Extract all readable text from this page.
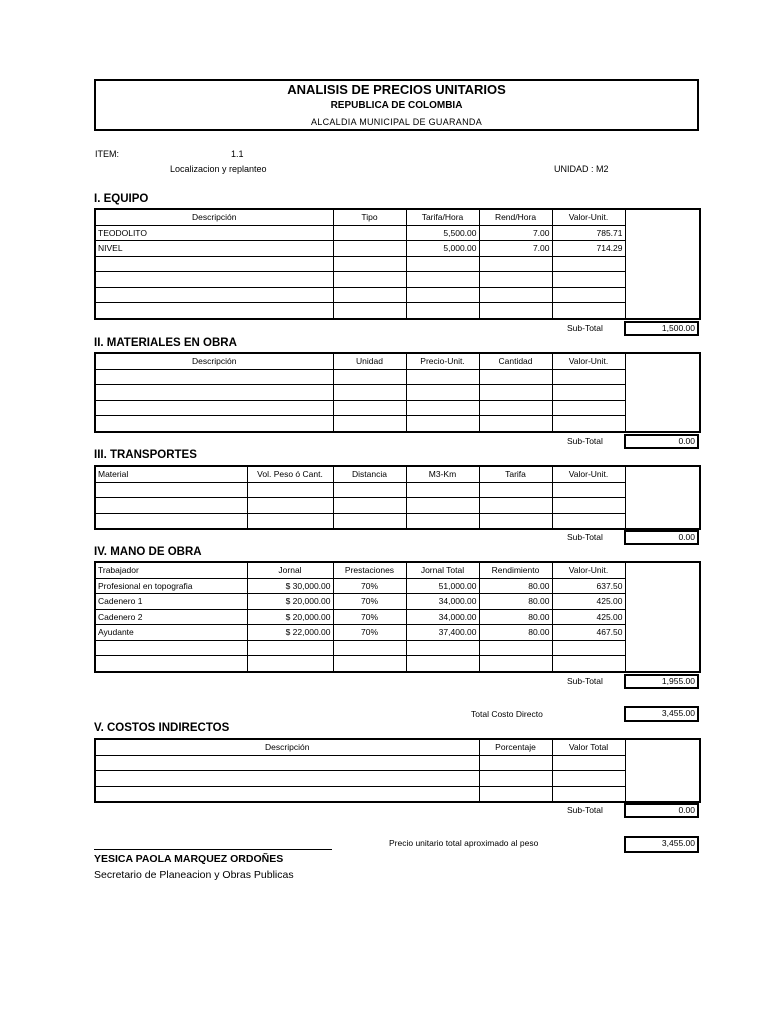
ANALISIS DE PRECIOS UNITARIOS
REPUBLICA DE COLOMBIA
ALCALDIA MUNICIPAL DE GUARANDA
ITEM:	1.1
Localizacion y replanteo	UNIDAD : M2
I. EQUIPO
Descripción	Tipo	Tarifa/Hora	Rend/Hora	Valor-Unit.	
TEODOLITO		5,500.00	7.00	785.71	
NIVEL		5,000.00	7.00	714.29	

Sub-Total	1,500.00
II. MATERIALES EN OBRA
Descripción	Unidad	Precio-Unit.	Cantidad	Valor-Unit.	

Sub-Total	0.00
III. TRANSPORTES
Material	Vol. Peso ó Cant.	Distancia	M3-Km	Tarifa	Valor-Unit.	

Sub-Total	0.00
IV. MANO DE OBRA
Trabajador	Jornal	Prestaciones	Jornal Total	Rendimiento	Valor-Unit.	
Profesional en topografia	$ 30,000.00	70%	51,000.00	80.00	637.50	
Cadenero 1	$ 20,000.00	70%	34,000.00	80.00	425.00	
Cadenero 2	$ 20,000.00	70%	34,000.00	80.00	425.00	
Ayudante	$ 22,000.00	70%	37,400.00	80.00	467.50	

Sub-Total	1,955.00
Total Costo Directo	3,455.00
V. COSTOS INDIRECTOS
Descripción	Porcentaje	Valor Total	

Sub-Total	0.00
Precio unitario total aproximado al peso	3,455.00
YESICA PAOLA MARQUEZ ORDOÑES
Secretario de Planeacion y Obras Publicas
